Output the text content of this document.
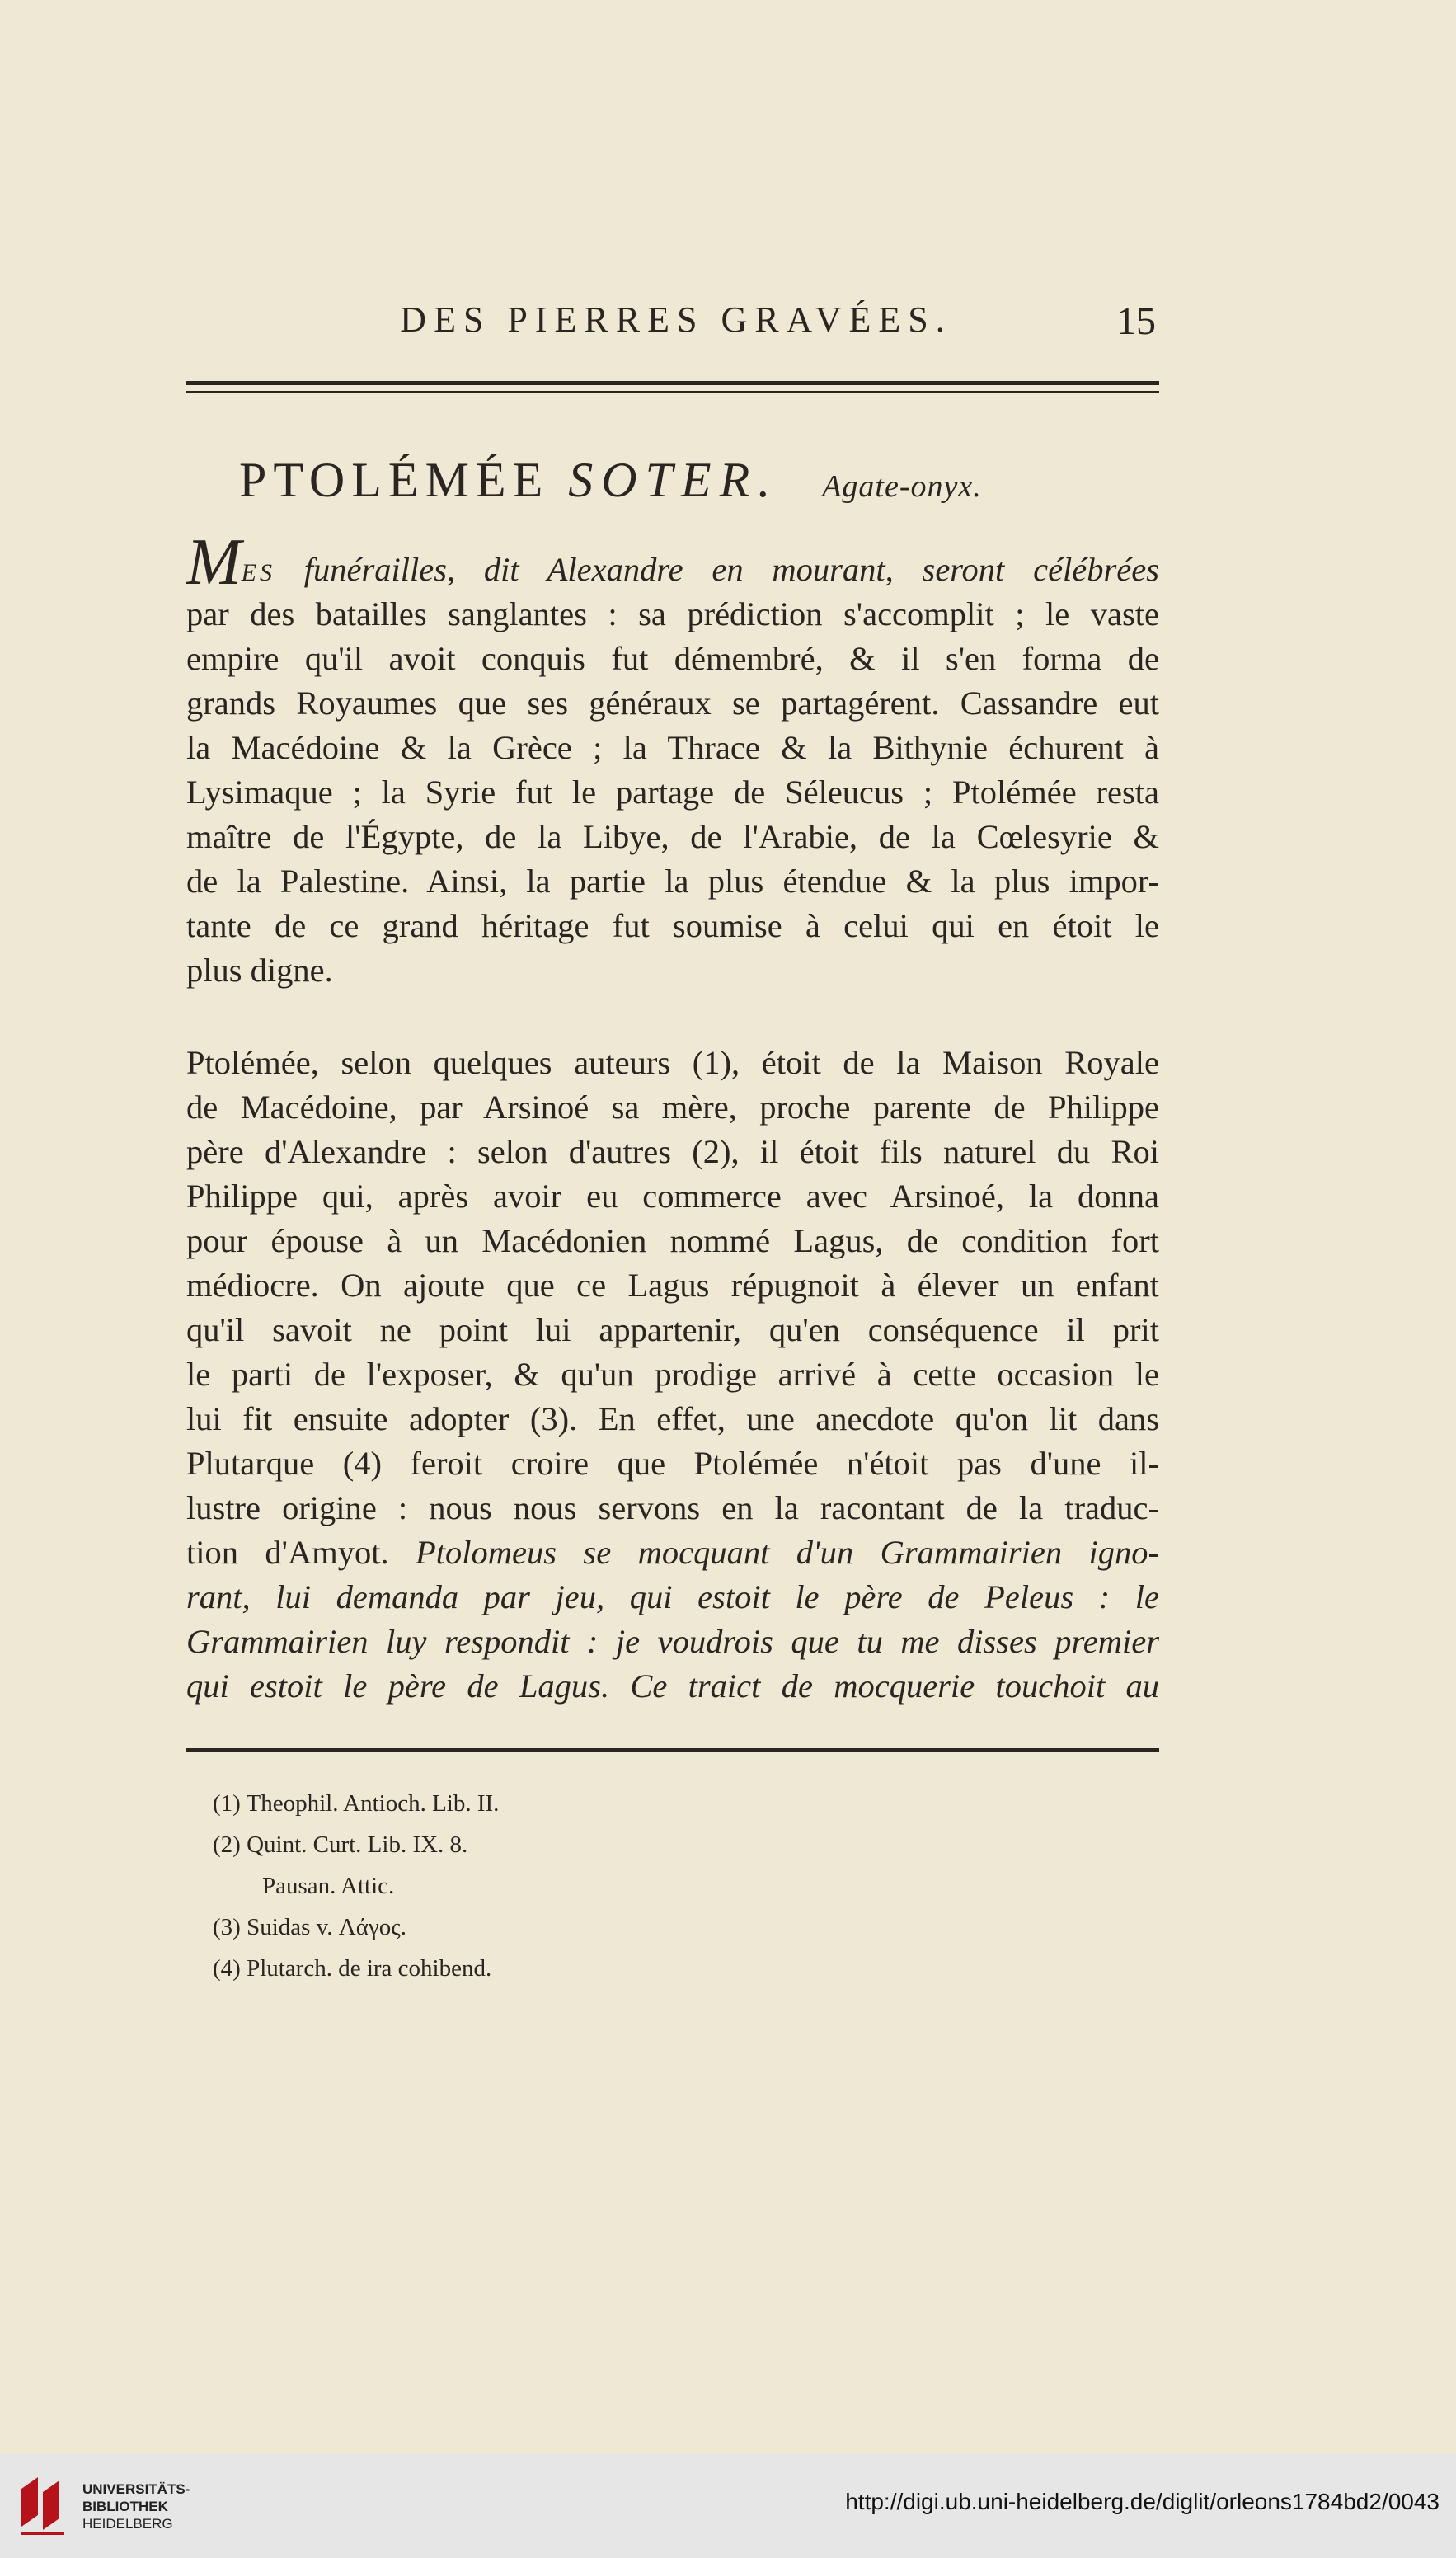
DES PIERRES GRAVÉES.	15
PTOLÉMÉE SOTER. Agate-onyx.
MES funérailles, dit Alexandre en mourant, seront célébrées
par des batailles sanglantes : sa prédiction s'accomplit ; le vaste
empire qu'il avoit conquis fut démembré, & il s'en forma de
grands Royaumes que ses généraux se partagérent. Cassandre eut
la Macédoine & la Grèce ; la Thrace & la Bithynie échurent à
Lysimaque ; la Syrie fut le partage de Séleucus ; Ptolémée resta
maître de l'Égypte, de la Libye, de l'Arabie, de la Cœlesyrie &
de la Palestine. Ainsi, la partie la plus étendue & la plus impor-
tante de ce grand héritage fut soumise à celui qui en étoit le
plus digne.
Ptolémée, selon quelques auteurs (1), étoit de la Maison Royale
de Macédoine, par Arsinoé sa mère, proche parente de Philippe
père d'Alexandre : selon d'autres (2), il étoit fils naturel du Roi
Philippe qui, après avoir eu commerce avec Arsinoé, la donna
pour épouse à un Macédonien nommé Lagus, de condition fort
médiocre. On ajoute que ce Lagus répugnoit à élever un enfant
qu'il savoit ne point lui appartenir, qu'en conséquence il prit
le parti de l'exposer, & qu'un prodige arrivé à cette occasion le
lui fit ensuite adopter (3). En effet, une anecdote qu'on lit dans
Plutarque (4) feroit croire que Ptolémée n'étoit pas d'une il-
lustre origine : nous nous servons en la racontant de la traduc-
tion d'Amyot. Ptolomeus se mocquant d'un Grammairien igno-
rant, lui demanda par jeu, qui estoit le père de Peleus : le
Grammairien luy respondit : je voudrois que tu me disses premier
qui estoit le père de Lagus. Ce traict de mocquerie touchoit au
(1) Theophil. Antioch. Lib. II.
(2) Quint. Curt. Lib. IX. 8.
Pausan. Attic.
(3) Suidas v. Λάγος.
(4) Plutarch. de ira cohibend.
UNIVERSITÄTS-
BIBLIOTHEK
HEIDELBERG
http://digi.ub.uni-heidelberg.de/diglit/orleons1784bd2/0043
